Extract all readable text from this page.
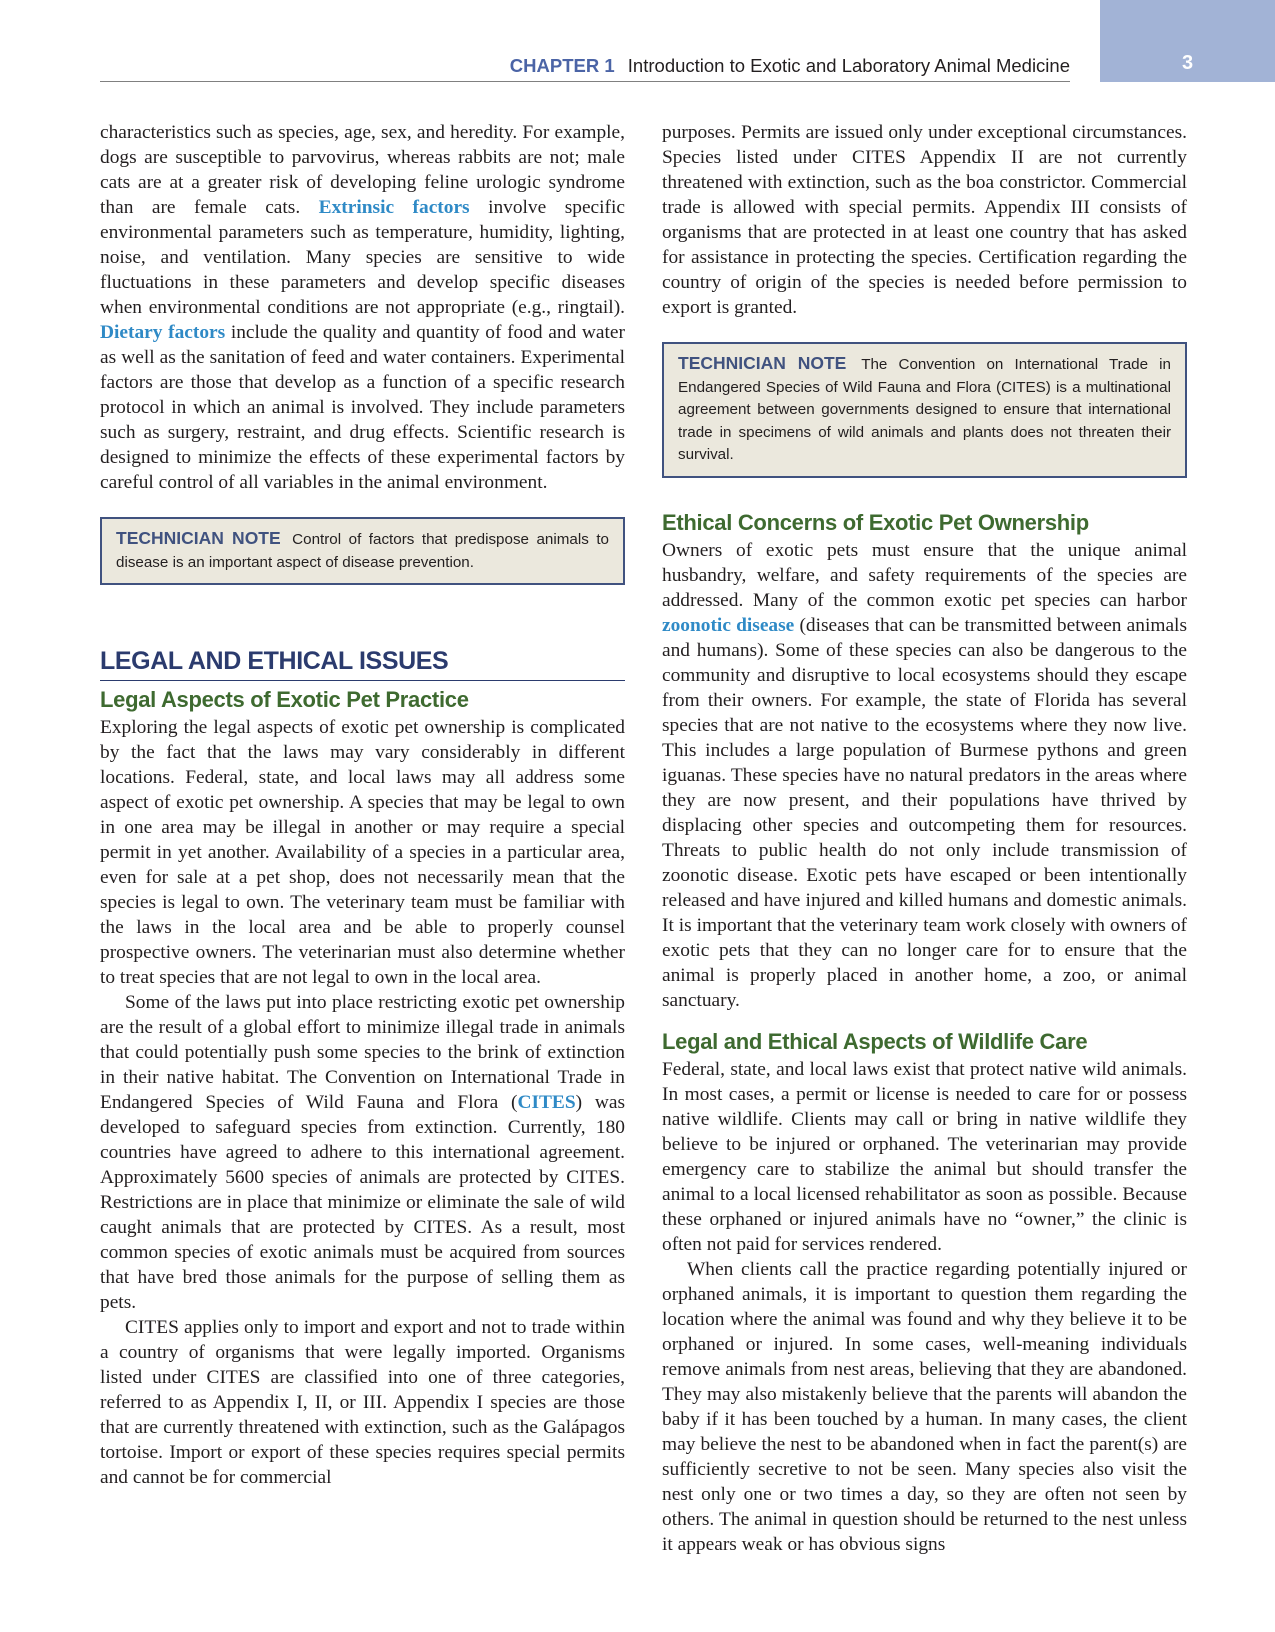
3
CHAPTER 1 Introduction to Exotic and Laboratory Animal Medicine

characteristics such as species, age, sex, and heredity. For example, dogs are susceptible to parvovirus, whereas rabbits are not; male cats are at a greater risk of developing feline urologic syndrome than are female cats. Extrinsic factors involve specific environmental parameters such as temperature, humidity, lighting, noise, and ventilation. Many species are sensitive to wide fluctuations in these parameters and develop specific diseases when environmental conditions are not appropriate (e.g., ringtail). Dietary factors include the quality and quantity of food and water as well as the sanitation of feed and water containers. Experimental factors are those that develop as a function of a specific research protocol in which an animal is involved. They include parameters such as surgery, restraint, and drug effects. Scientific research is designed to minimize the effects of these experimental factors by careful control of all variables in the animal environment.

TECHNICIAN NOTE Control of factors that predispose animals to disease is an important aspect of disease prevention.
LEGAL AND ETHICAL ISSUES
Legal Aspects of Exotic Pet Practice

Exploring the legal aspects of exotic pet ownership is complicated by the fact that the laws may vary considerably in different locations. Federal, state, and local laws may all address some aspect of exotic pet ownership. A species that may be legal to own in one area may be illegal in another or may require a special permit in yet another. Availability of a species in a particular area, even for sale at a pet shop, does not necessarily mean that the species is legal to own. The veterinary team must be familiar with the laws in the local area and be able to properly counsel prospective owners. The veterinarian must also determine whether to treat species that are not legal to own in the local area.

Some of the laws put into place restricting exotic pet ownership are the result of a global effort to minimize illegal trade in animals that could potentially push some species to the brink of extinction in their native habitat. The Convention on International Trade in Endangered Species of Wild Fauna and Flora (CITES) was developed to safeguard species from extinction. Currently, 180 countries have agreed to adhere to this international agreement. Approximately 5600 species of animals are protected by CITES. Restrictions are in place that minimize or eliminate the sale of wild caught animals that are protected by CITES. As a result, most common species of exotic animals must be acquired from sources that have bred those animals for the purpose of selling them as pets.

CITES applies only to import and export and not to trade within a country of organisms that were legally imported. Organisms listed under CITES are classified into one of three categories, referred to as Appendix I, II, or III. Appendix I species are those that are currently threatened with extinction, such as the Galápagos tortoise. Import or export of these species requires special permits and cannot be for commercial

purposes. Permits are issued only under exceptional circumstances. Species listed under CITES Appendix II are not currently threatened with extinction, such as the boa constrictor. Commercial trade is allowed with special permits. Appendix III consists of organisms that are protected in at least one country that has asked for assistance in protecting the species. Certification regarding the country of origin of the species is needed before permission to export is granted.

TECHNICIAN NOTE The Convention on International Trade in Endangered Species of Wild Fauna and Flora (CITES) is a multinational agreement between governments designed to ensure that international trade in specimens of wild animals and plants does not threaten their survival.
Ethical Concerns of Exotic Pet Ownership

Owners of exotic pets must ensure that the unique animal husbandry, welfare, and safety requirements of the species are addressed. Many of the common exotic pet species can harbor zoonotic disease (diseases that can be transmitted between animals and humans). Some of these species can also be dangerous to the community and disruptive to local ecosystems should they escape from their owners. For example, the state of Florida has several species that are not native to the ecosystems where they now live. This includes a large population of Burmese pythons and green iguanas. These species have no natural predators in the areas where they are now present, and their populations have thrived by displacing other species and outcompeting them for resources. Threats to public health do not only include transmission of zoonotic disease. Exotic pets have escaped or been intentionally released and have injured and killed humans and domestic animals. It is important that the veterinary team work closely with owners of exotic pets that they can no longer care for to ensure that the animal is properly placed in another home, a zoo, or animal sanctuary.

Legal and Ethical Aspects of Wildlife Care

Federal, state, and local laws exist that protect native wild animals. In most cases, a permit or license is needed to care for or possess native wildlife. Clients may call or bring in native wildlife they believe to be injured or orphaned. The veterinarian may provide emergency care to stabilize the animal but should transfer the animal to a local licensed rehabilitator as soon as possible. Because these orphaned or injured animals have no “owner,” the clinic is often not paid for services rendered.

When clients call the practice regarding potentially injured or orphaned animals, it is important to question them regarding the location where the animal was found and why they believe it to be orphaned or injured. In some cases, well-meaning individuals remove animals from nest areas, believing that they are abandoned. They may also mistakenly believe that the parents will abandon the baby if it has been touched by a human. In many cases, the client may believe the nest to be abandoned when in fact the parent(s) are sufficiently secretive to not be seen. Many species also visit the nest only one or two times a day, so they are often not seen by others. The animal in question should be returned to the nest unless it appears weak or has obvious signs
